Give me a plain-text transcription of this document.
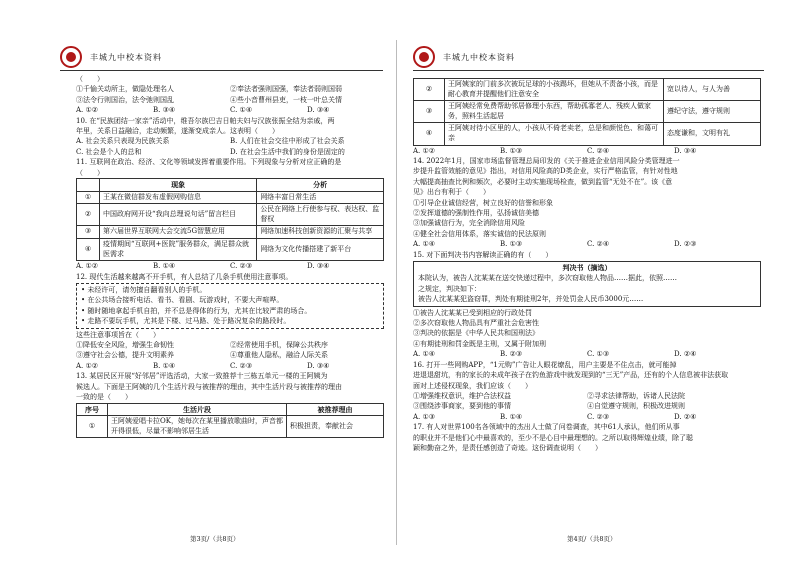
丰城九中校本资料
（　　）
①千愉关动所主，做隐处理名人	②奉法者强则国强，奉法者弱则国弱
③法令行则国治，法令弛则国乱	④些小音曹州县吏，一枝一叶总关情
A. ①②	B. ③④	C. ①④	D. ③④
10. 在“民族团结一家亲”活动中，维吾尔族巴吉日帕夫妇与汉族张振全结为亲戚，两
年里，关系日益融洽，走动频繁，遂渐变成亲人。这表明（　　）
A. 社会关系只表现为民族关系	B. 人们在社会交往中形成了社会关系
C. 社会是个人的总和	D. 在社会生活中我们的身份是固定的
11. 互联网在政治、经济、文化等领域发挥着重要作用。下列现象与分析对应正确的是
（　　）
	现象	分析
①	王某在微信群发布虚假网购信息	网络丰富日常生活
②	中国政府网开设“我向总理说句话”留言栏目	公民在网络上行使参与权、表达权、监督权
③	第六届世界互联网大会交流5G智慧应用	网络加速科技创新资源的汇聚与共享
④	疫情期间“互联网+医院”服务群众，满足群众就医需求	网络为文化传播搭建了新平台
A. ①②	B. ①④	C. ②③	D. ③④
12. 现代生活越来越离不开手机，有人总结了几条手机使用注意事项。
• 未经许可，请勿擅自翻看别人的手机。
• 在公共场合接听电话、看书、看剧、玩游戏时，不要大声喧哗。
• 随时随地拿起手机自拍，并不总是得体的行为，尤其在比较严肃的场合。
• 走路不要玩手机，尤其是下楼、过马路、处于路况复杂的路段时。
这些注意事项旨在（　　）
①降低安全风险，增强生命韧性	②经常使用手机，保障公共秩序
③遵守社会公德，提升文明素养	④尊重他人隐私，融洽人际关系
A. ①②	B. ①④	C. ②③	D. ③④
13. 某居民区开展“好邻居”评选活动，大家一致推荐十三栋五单元一楼的王阿姨为
候选人。下面是王阿姨的几个生活片段与被推荐的理由，其中生活片段与被推荐的理由
一致的是（　　）
序号	生活片段	被推荐理由
①	王阿姨爱唱卡拉OK，她每次在某里播放歌曲时，声音都开得很低，尽量不影响邻居生活	积极担责，奉献社会
第3页/（共8页）
丰城九中校本资料
②	王阿姨家的门前多次被玩足球的小孩踢坏，但她从不责备小孩，而是耐心教育并提醒他们注意安全	宽以待人，与人为善
③	王阿姨经常免费帮助邻居修理小东西，帮助孤寡老人、残疾人做家务，照料生活起居	遵纪守法，遵守规则
④	王阿姨对待小区里的人，小孩从不倚老卖老，总是和颜悦色、和蔼可亲	态度谦和，文明有礼
A. ①②	B. ①③	C. ②④	D. ③④
14. 2022年1月，国家市场监督管理总局印发的《关于推进企业信用风险分类管理进一
步提升监管效能的意见》指出，对信用风险高的D类企业，实行严格监管，有针对性地
大幅提高抽查比例和频次，必要时主动实施现场检查，做到监管“无处不在”。该《意
见》出台有利于（　　）
①引导企业诚信经营，树立良好的信誉和形象
②发挥道德的强制性作用，弘扬诚信美德
③加强诚信行为，完全消除信用风险
④健全社会信用体系，落实诚信的民法原则
A. ①④	B. ①③	C. ②④	D. ②③
15. 对下面判决书内容解读正确的有（　　）
判决书（摘选）
本院认为，被告人沈某某在送交快递过程中，多次窃取他人物品……据此，依照……
之规定，判决如下：
被告人沈某某犯盗窃罪，判处有期徒刑2年，并处罚金人民币3000元……
①被告人沈某某已受到相应的行政处罚
②多次窃取他人物品具有严重社会危害性
③判决的依据是《中华人民共和国刑法》
④有期徒刑和罚金既是主刑，又属于附加刑
A. ①④	B. ②③	C. ①③	D. ②④
16. 打开一些网购APP，“1元购”广告让人眼花缭乱，用户主要是不住点击，就可能掉
进退退甜坑，有的家长的未成年孩子在钓鱼游戏中就发现到的“三无”产品，还有的个人信息被非法获取
面对上述侵权现象，我们应该（　　）
①增强维权意识，维护合法权益	②寻求法律帮助，诉诸人民法院
③围绕涉事商家，要到他的事情	④自觉遵守规则，积极改进规则
A. ①③	B. ①④	C. ②③	D. ②④
17. 有人对世界100名各领域中的杰出人士做了问卷调查，其中61人承认，他们所从事
的职业并不是他们心中最喜欢的，至少不是心目中最理想的。之所以取得辉煌业绩，除了聪
颖和勤奋之外，是责任感创造了奇迹。这份调查说明（　　）
第4页/（共8页）
